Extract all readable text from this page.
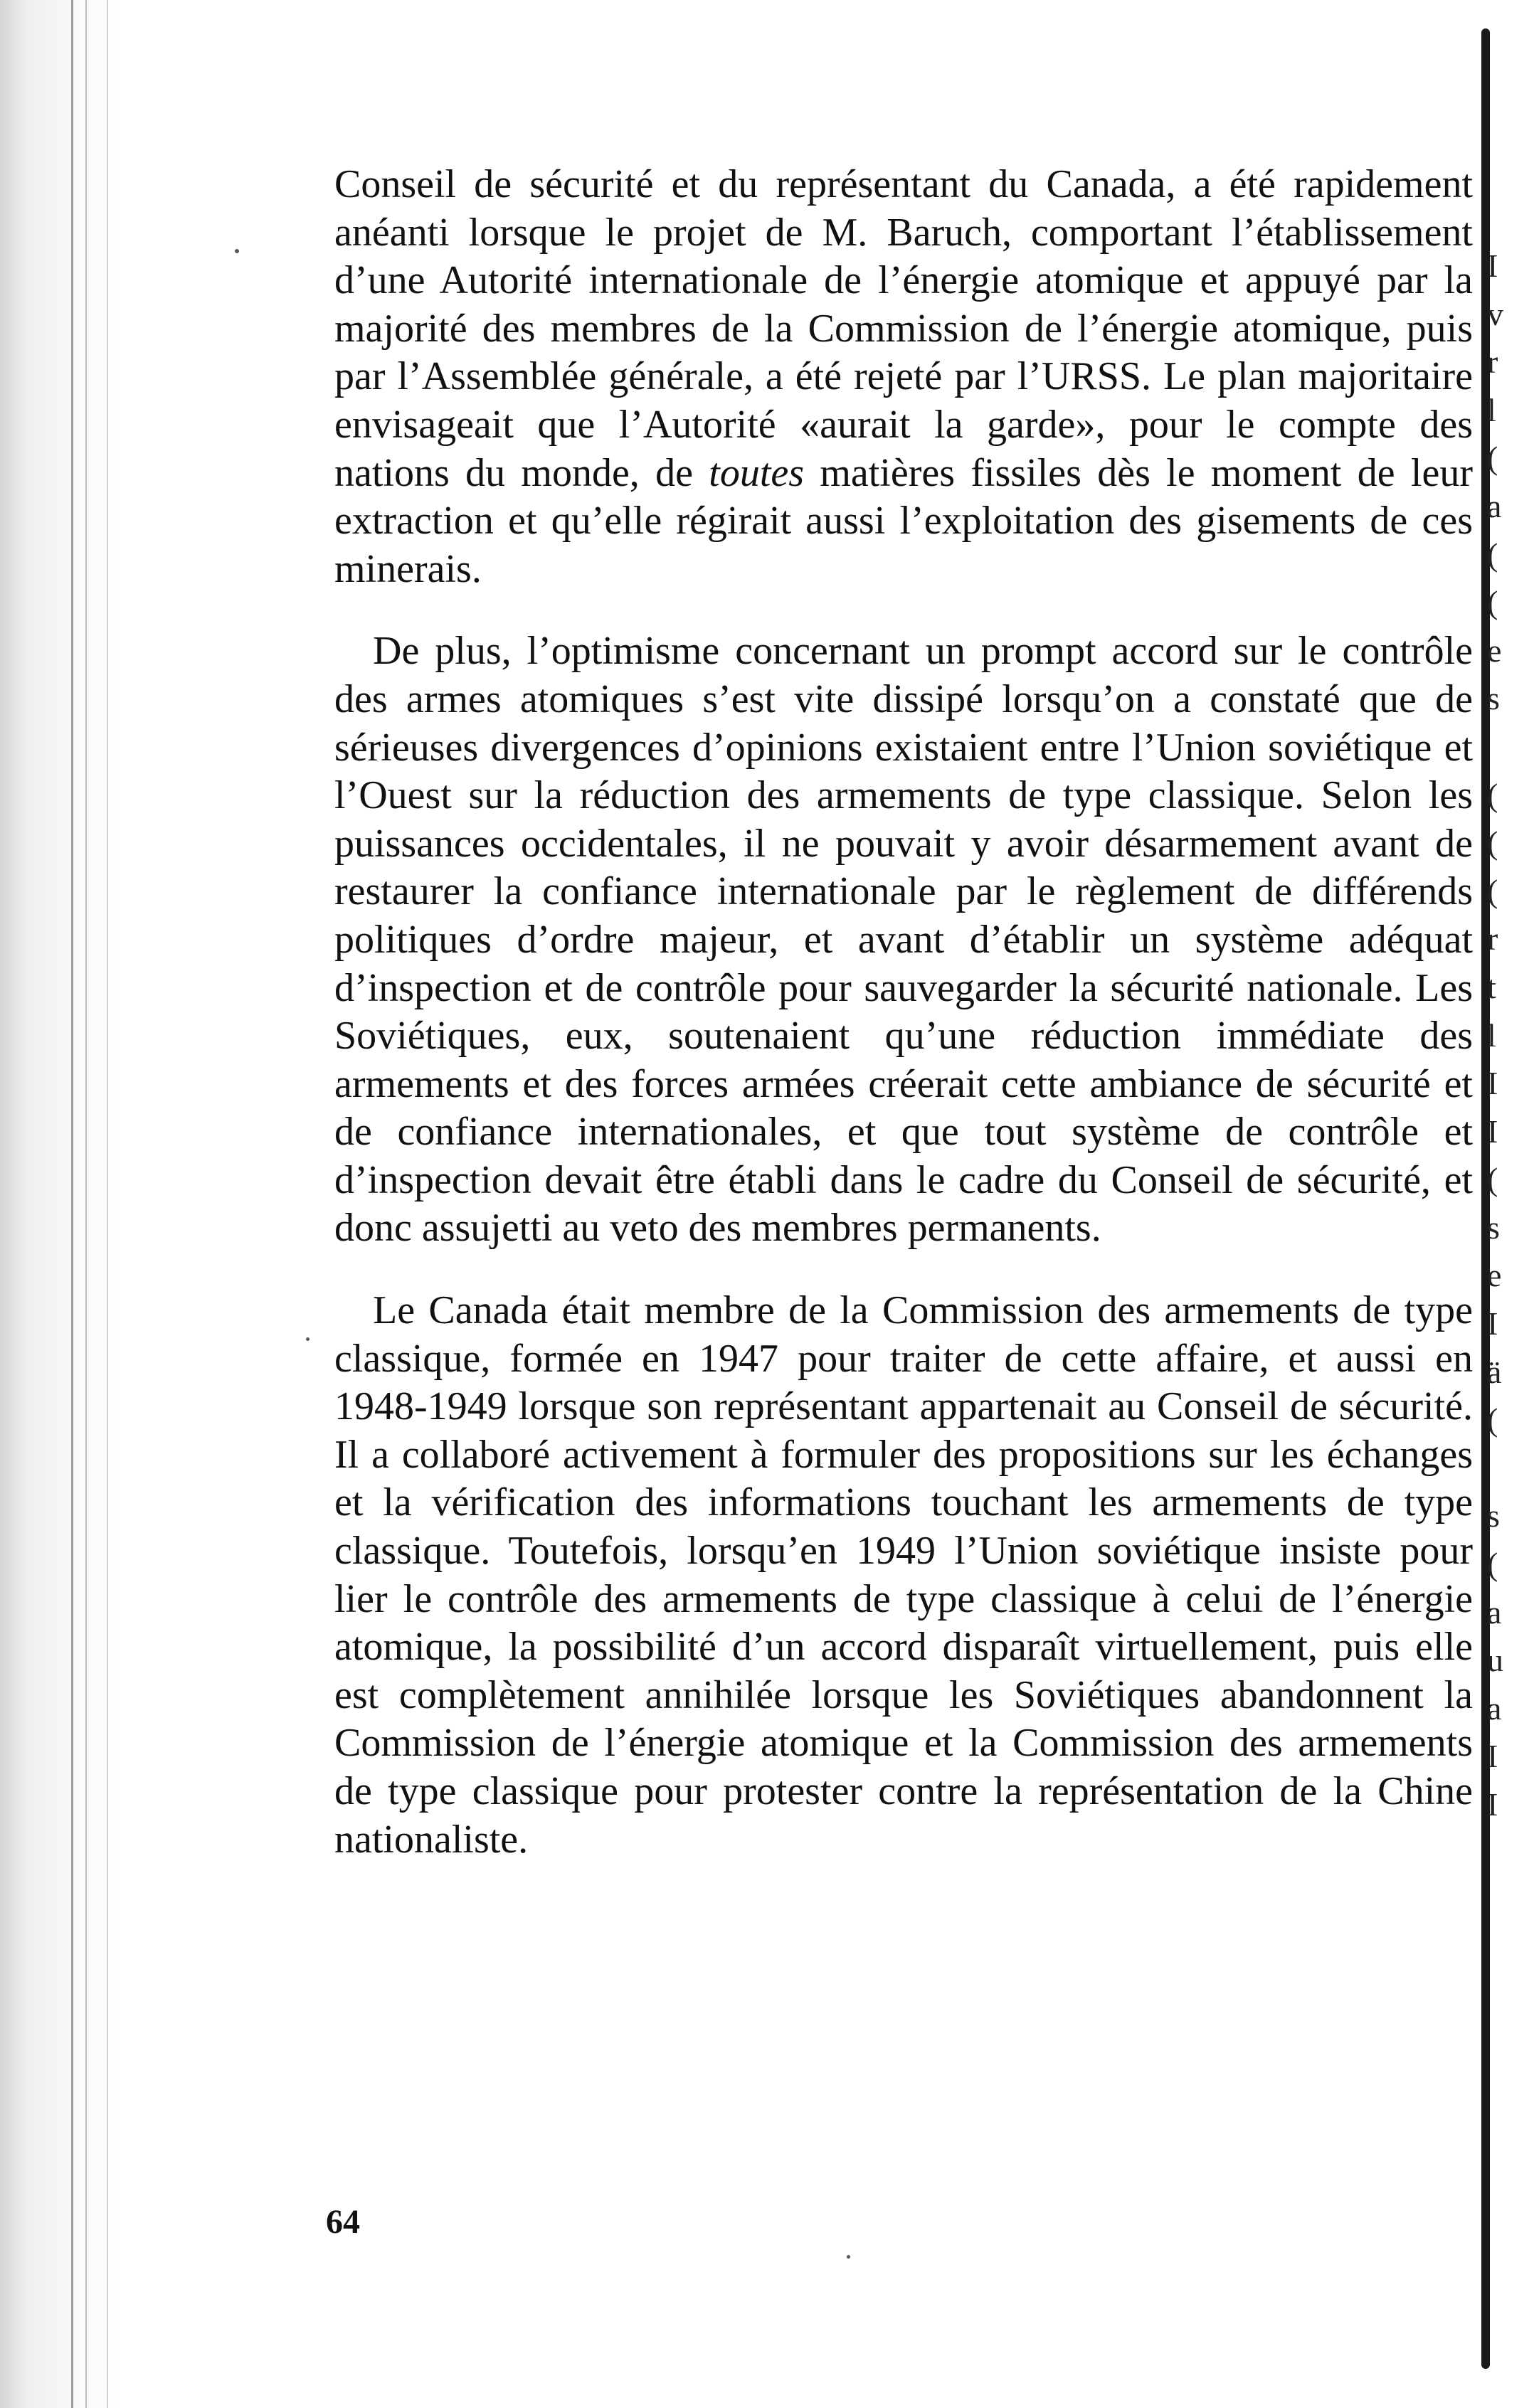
I
v
r
l
(
a
(
(
e
s
(
(
(
r
t
l
I
I
(
s
e
I
ä
(
s
(
a
u
a
I
I

Conseil de sécurité et du représentant du Canada, a été rapidement anéanti lorsque le projet de M. Baruch, comportant l’établissement d’une Autorité internationale de l’énergie atomique et appuyé par la majorité des membres de la Commission de l’énergie atomique, puis par l’Assemblée générale, a été rejeté par l’URSS. Le plan majoritaire envisageait que l’Autorité «aurait la garde», pour le compte des nations du monde, de toutes matières fissiles dès le moment de leur extraction et qu’elle régirait aussi l’exploitation des gisements de ces minerais.

De plus, l’optimisme concernant un prompt accord sur le contrôle des armes atomiques s’est vite dissipé lorsqu’on a constaté que de sérieuses divergences d’opinions existaient entre l’Union soviétique et l’Ouest sur la réduction des armements de type classique. Selon les puissances occidentales, il ne pouvait y avoir désarmement avant de restaurer la confiance internationale par le règlement de différends politiques d’ordre majeur, et avant d’établir un système adéquat d’inspection et de contrôle pour sauvegarder la sécurité nationale. Les Soviétiques, eux, soutenaient qu’une réduction immédiate des armements et des forces armées créerait cette ambiance de sécurité et de confiance internationales, et que tout système de contrôle et d’inspection devait être établi dans le cadre du Conseil de sécurité, et donc assujetti au veto des membres permanents.

Le Canada était membre de la Commission des armements de type classique, formée en 1947 pour traiter de cette affaire, et aussi en 1948-1949 lorsque son représentant appartenait au Conseil de sécurité. Il a collaboré activement à formuler des propositions sur les échanges et la vérification des informations touchant les armements de type classique. Toutefois, lorsqu’en 1949 l’Union soviétique insiste pour lier le contrôle des armements de type classique à celui de l’énergie atomique, la possibilité d’un accord disparaît virtuellement, puis elle est complètement annihilée lorsque les Soviétiques abandonnent la Commission de l’énergie atomique et la Commission des armements de type classique pour protester contre la représentation de la Chine nationaliste.

64
